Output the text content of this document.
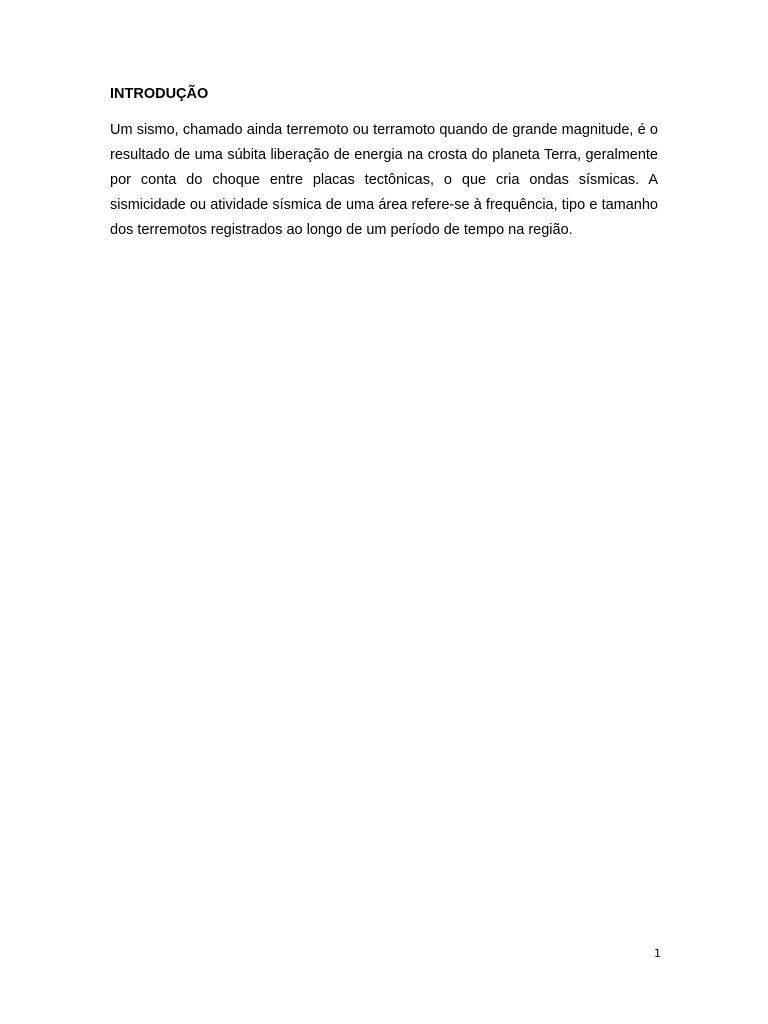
INTRODUÇÃO

Um sismo, chamado ainda terremoto ou terramoto quando de grande magnitude, é o resultado de uma súbita liberação de energia na crosta do planeta Terra, geralmente por conta do choque entre placas tectônicas, o que cria ondas sísmicas. A sismicidade ou atividade sísmica de uma área refere-se à frequência, tipo e tamanho dos terremotos registrados ao longo de um período de tempo na região.

1
